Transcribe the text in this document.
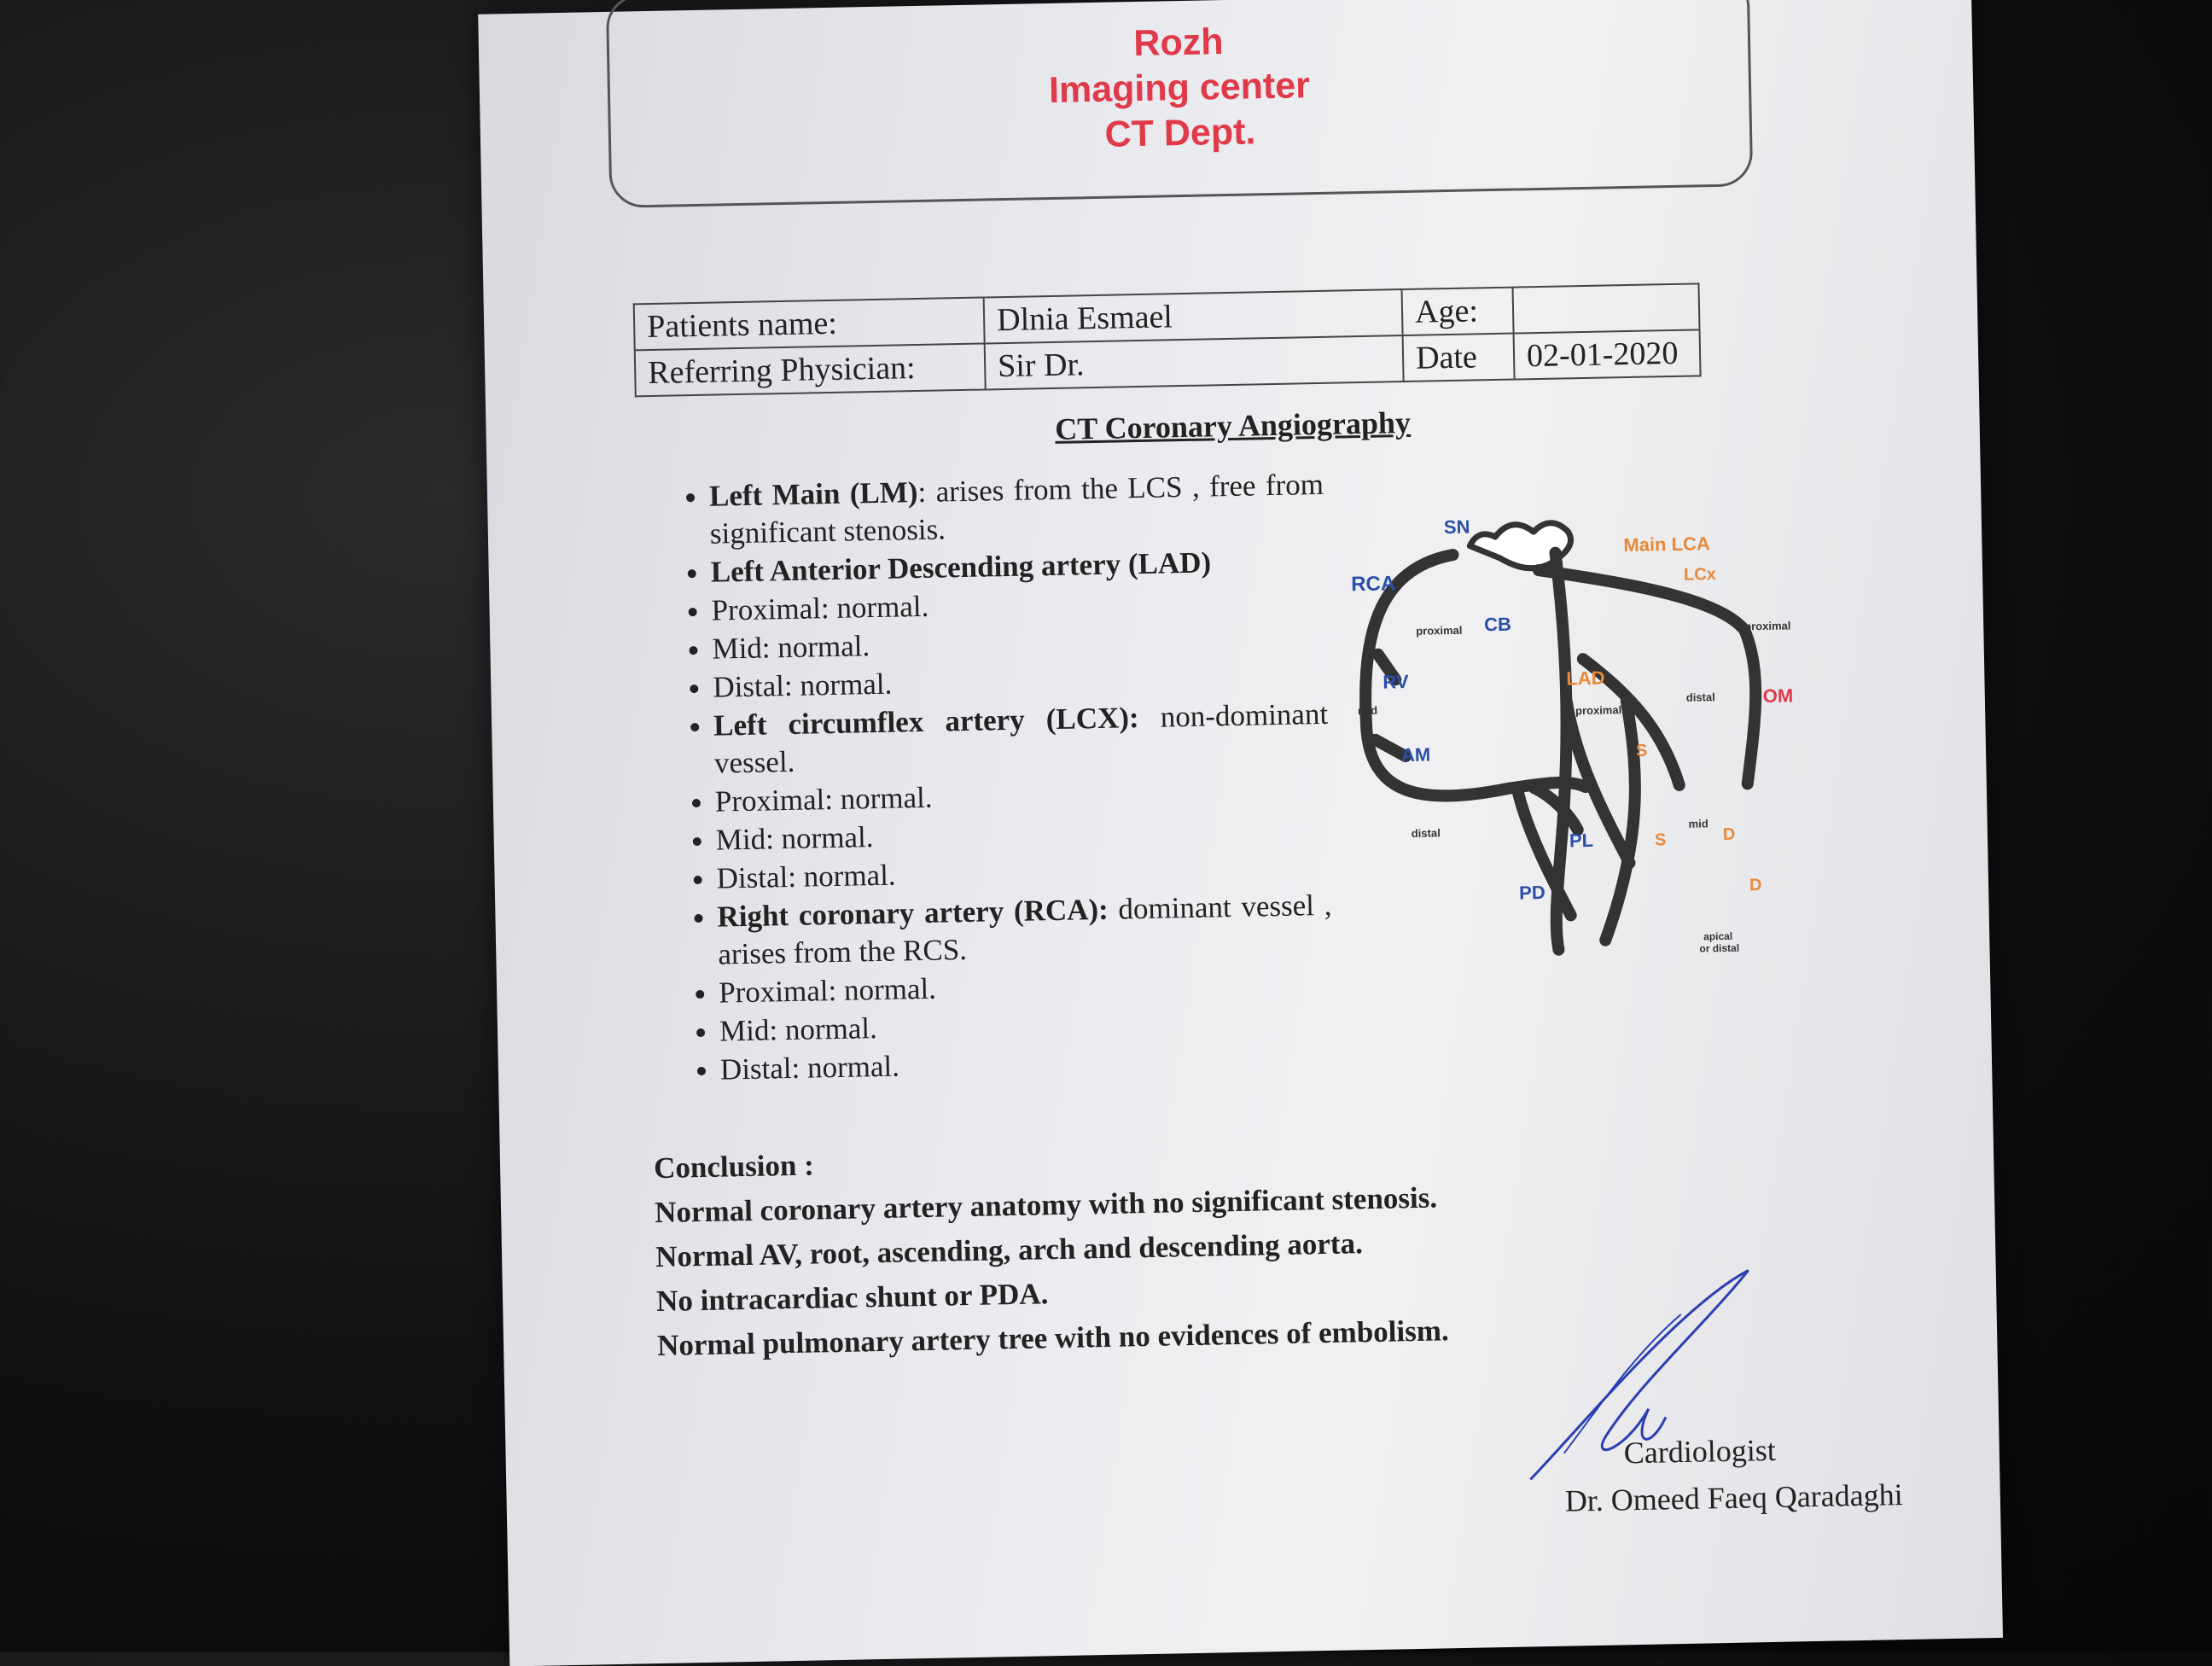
Rozh
Imaging center
CT Dept.
Patients name:	Dlnia Esmael	Age:	
Referring Physician:	Sir Dr.	Date	02-01-2020
CT Coronary Angiography
• Left Main (LM): arises from the LCS , free from significant stenosis.
• Left Anterior Descending artery (LAD)
• Proximal: normal.
• Mid: normal.
• Distal: normal.
• Left circumflex artery (LCX): non-dominant vessel.
• Proximal: normal.
• Mid: normal.
• Distal: normal.
• Right coronary artery (RCA): dominant vessel , arises from the RCS.
• Proximal: normal.
• Mid: normal.
• Distal: normal.
SN
RCA
CB
proximal
RV
mid
AM
distal
PD
PL
Main LCA
LCx
proximal
LAD
proximal
distal	OM
S
S
mid
D
D
apical
or distal
Conclusion :
Normal coronary artery anatomy with no significant stenosis.
Normal AV, root, ascending, arch and descending aorta.
No intracardiac shunt or PDA.
Normal pulmonary artery tree with no evidences of embolism.
Cardiologist
Dr. Omeed Faeq Qaradaghi
